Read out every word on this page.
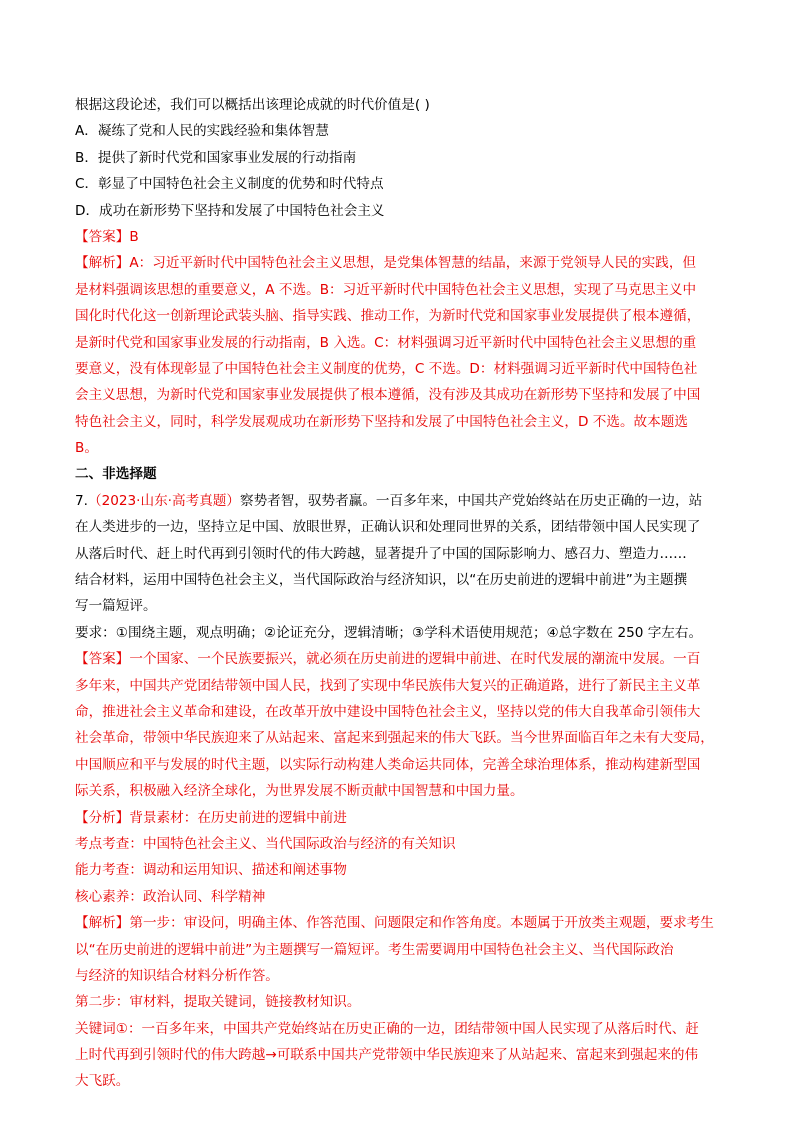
根据这段论述，我们可以概括出该理论成就的时代价值是( )
A．凝练了党和人民的实践经验和集体智慧
B．提供了新时代党和国家事业发展的行动指南
C．彰显了中国特色社会主义制度的优势和时代特点
D．成功在新形势下坚持和发展了中国特色社会主义
【答案】B
【解析】A：习近平新时代中国特色社会主义思想，是党集体智慧的结晶，来源于党领导人民的实践，但
是材料强调该思想的重要意义，A 不选。B：习近平新时代中国特色社会主义思想，实现了马克思主义中
国化时代化这一创新理论武装头脑、指导实践、推动工作，为新时代党和国家事业发展提供了根本遵循，
是新时代党和国家事业发展的行动指南，B 入选。C：材料强调习近平新时代中国特色社会主义思想的重
要意义，没有体现彰显了中国特色社会主义制度的优势，C 不选。D：材料强调习近平新时代中国特色社
会主义思想，为新时代党和国家事业发展提供了根本遵循，没有涉及其成功在新形势下坚持和发展了中国
特色社会主义，同时，科学发展观成功在新形势下坚持和发展了中国特色社会主义，D 不选。故本题选
B。
二、非选择题
7.（2023·山东·高考真题）察势者智，驭势者赢。一百多年来，中国共产党始终站在历史正确的一边，站
在人类进步的一边，坚持立足中国、放眼世界，正确认识和处理同世界的关系，团结带领中国人民实现了
从落后时代、赶上时代再到引领时代的伟大跨越，显著提升了中国的国际影响力、感召力、塑造力……
结合材料，运用中国特色社会主义，当代国际政治与经济知识，以“在历史前进的逻辑中前进”为主题撰
写一篇短评。
要求：①围绕主题，观点明确；②论证充分，逻辑清晰；③学科术语使用规范；④总字数在 250 字左右。
【答案】一个国家、一个民族要振兴，就必须在历史前进的逻辑中前进、在时代发展的潮流中发展。一百
多年来，中国共产党团结带领中国人民，找到了实现中华民族伟大复兴的正确道路，进行了新民主主义革
命，推进社会主义革命和建设，在改革开放中建设中国特色社会主义，坚持以党的伟大自我革命引领伟大
社会革命，带领中华民族迎来了从站起来、富起来到强起来的伟大飞跃。当今世界面临百年之未有大变局，
中国顺应和平与发展的时代主题，以实际行动构建人类命运共同体，完善全球治理体系，推动构建新型国
际关系，积极融入经济全球化，为世界发展不断贡献中国智慧和中国力量。
【分析】背景素材：在历史前进的逻辑中前进
考点考查：中国特色社会主义、当代国际政治与经济的有关知识
能力考查：调动和运用知识、描述和阐述事物
核心素养：政治认同、科学精神
【解析】第一步：审设问，明确主体、作答范围、问题限定和作答角度。本题属于开放类主观题，要求考生
以“在历史前进的逻辑中前进”为主题撰写一篇短评。考生需要调用中国特色社会主义、当代国际政治
与经济的知识结合材料分析作答。
第二步：审材料，提取关键词，链接教材知识。
关键词①：一百多年来，中国共产党始终站在历史正确的一边，团结带领中国人民实现了从落后时代、赶
上时代再到引领时代的伟大跨越→可联系中国共产党带领中华民族迎来了从站起来、富起来到强起来的伟
大飞跃。
